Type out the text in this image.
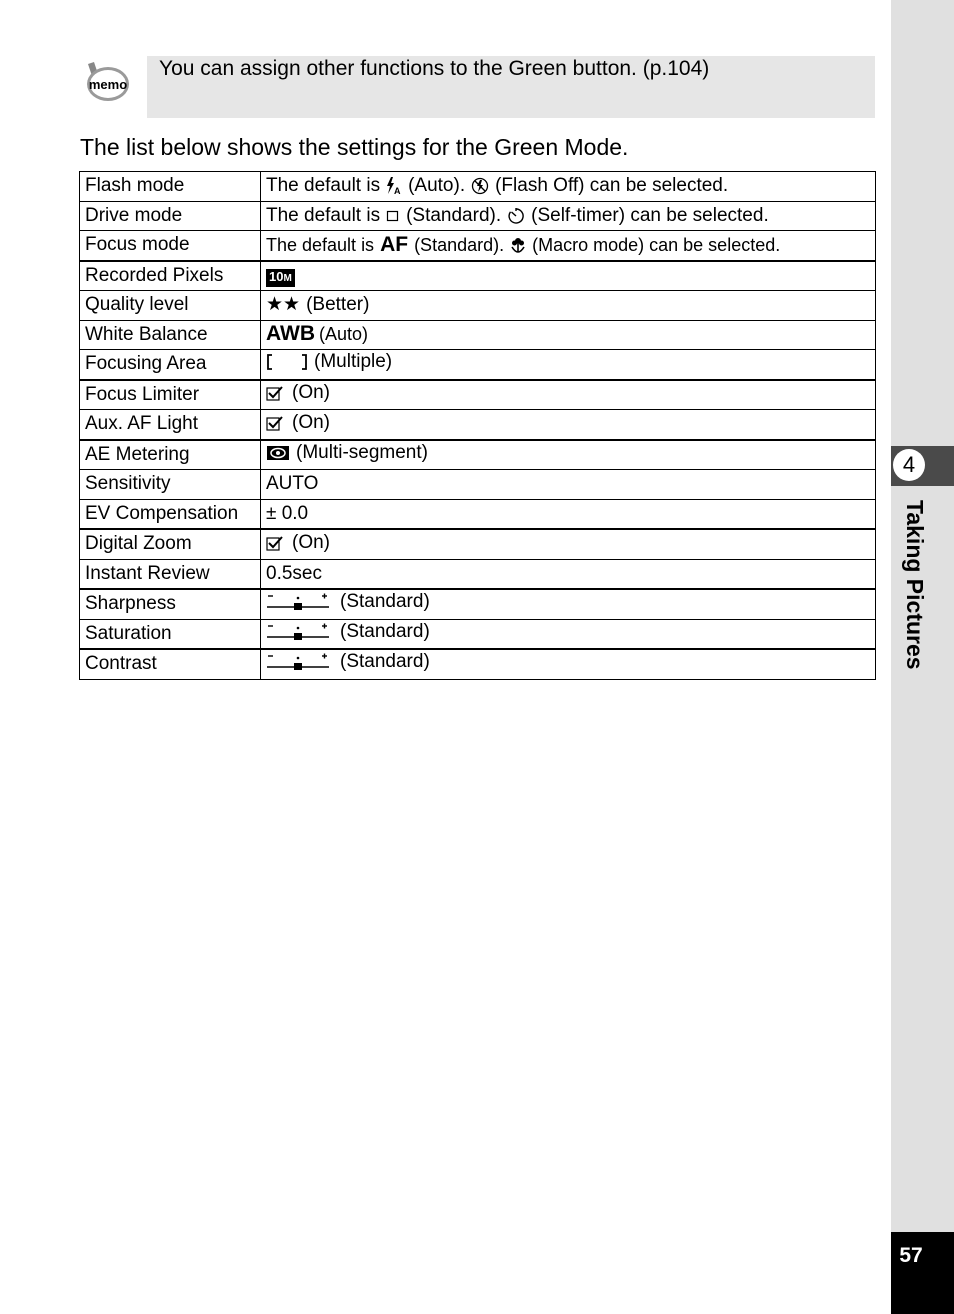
memo
You can assign other functions to the Green button. (p.104)
The list below shows the settings for the Green Mode.
Flash mode	The default is A (Auto). (Flash Off) can be selected.

Drive mode	The default is (Standard). (Self-timer) can be selected.

Focus mode	The default is AF (Standard). (Macro mode) can be selected.

Recorded Pixels	10M
Quality level	★★ (Better)

White Balance	AWB (Auto)

Focusing Area	(Multiple)

Focus Limiter	(On)

Aux. AF Light	(On)

AE Metering	(Multi-segment)

Sensitivity	AUTO
EV Compensation	± 0.0
Digital Zoom	(On)

Instant Review	0.5sec
Sharpness	(Standard)

Saturation	(Standard)

Contrast	(Standard)
4
Taking Pictures
57
